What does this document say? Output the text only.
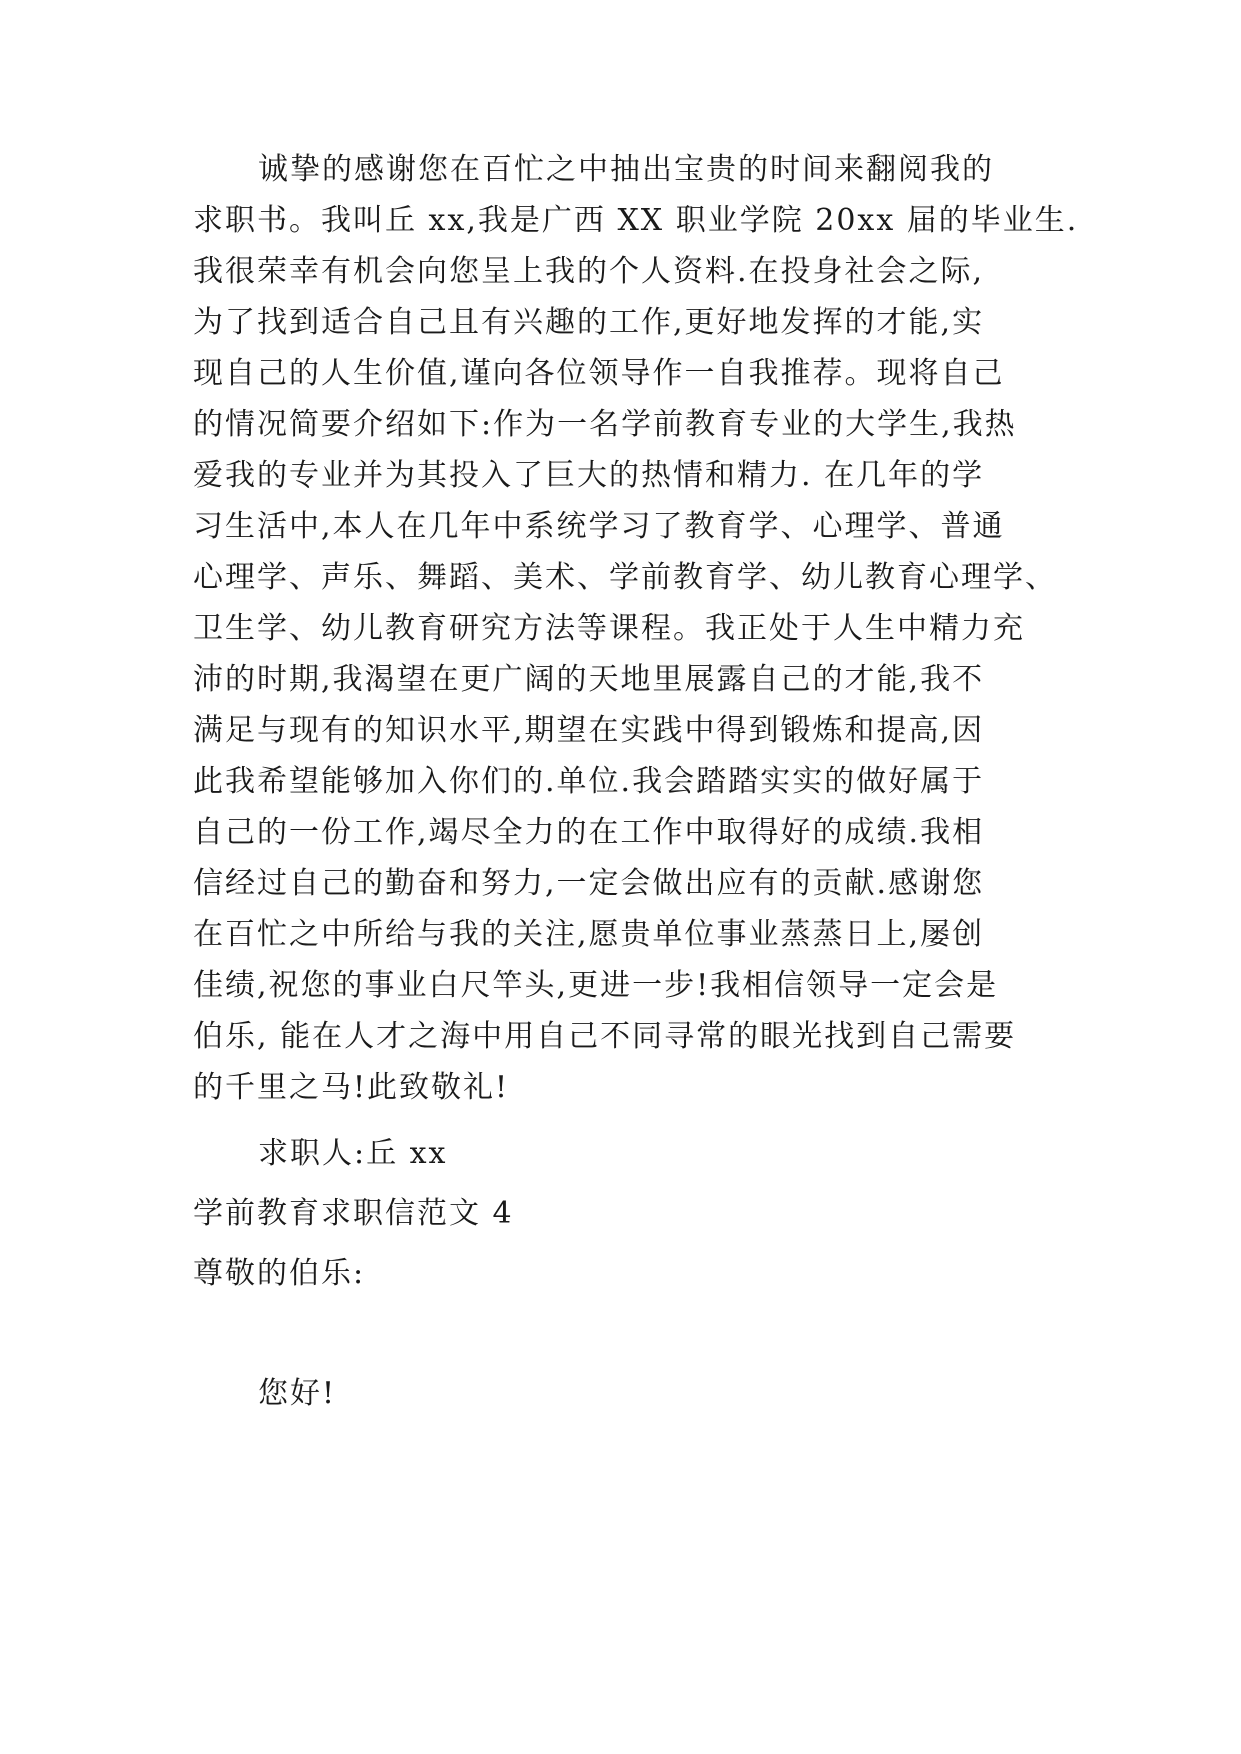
诚挚的感谢您在百忙之中抽出宝贵的时间来翻阅我的
求职书。我叫丘 xx,我是广西 XX 职业学院 20xx 届的毕业生.
我很荣幸有机会向您呈上我的个人资料.在投身社会之际,
为了找到适合自己且有兴趣的工作,更好地发挥的才能,实
现自己的人生价值,谨向各位领导作一自我推荐。现将自己
的情况简要介绍如下:作为一名学前教育专业的大学生,我热
爱我的专业并为其投入了巨大的热情和精力. 在几年的学
习生活中,本人在几年中系统学习了教育学、心理学、普通
心理学、声乐、舞蹈、美术、学前教育学、幼儿教育心理学、
卫生学、幼儿教育研究方法等课程。我正处于人生中精力充
沛的时期,我渴望在更广阔的天地里展露自己的才能,我不
满足与现有的知识水平,期望在实践中得到锻炼和提高,因
此我希望能够加入你们的.单位.我会踏踏实实的做好属于
自己的一份工作,竭尽全力的在工作中取得好的成绩.我相
信经过自己的勤奋和努力,一定会做出应有的贡献.感谢您
在百忙之中所给与我的关注,愿贵单位事业蒸蒸日上,屡创
佳绩,祝您的事业白尺竿头,更进一步!我相信领导一定会是
伯乐, 能在人才之海中用自己不同寻常的眼光找到自己需要
的千里之马!此致敬礼!
求职人:丘 xx
学前教育求职信范文 4
尊敬的伯乐:
您好!
